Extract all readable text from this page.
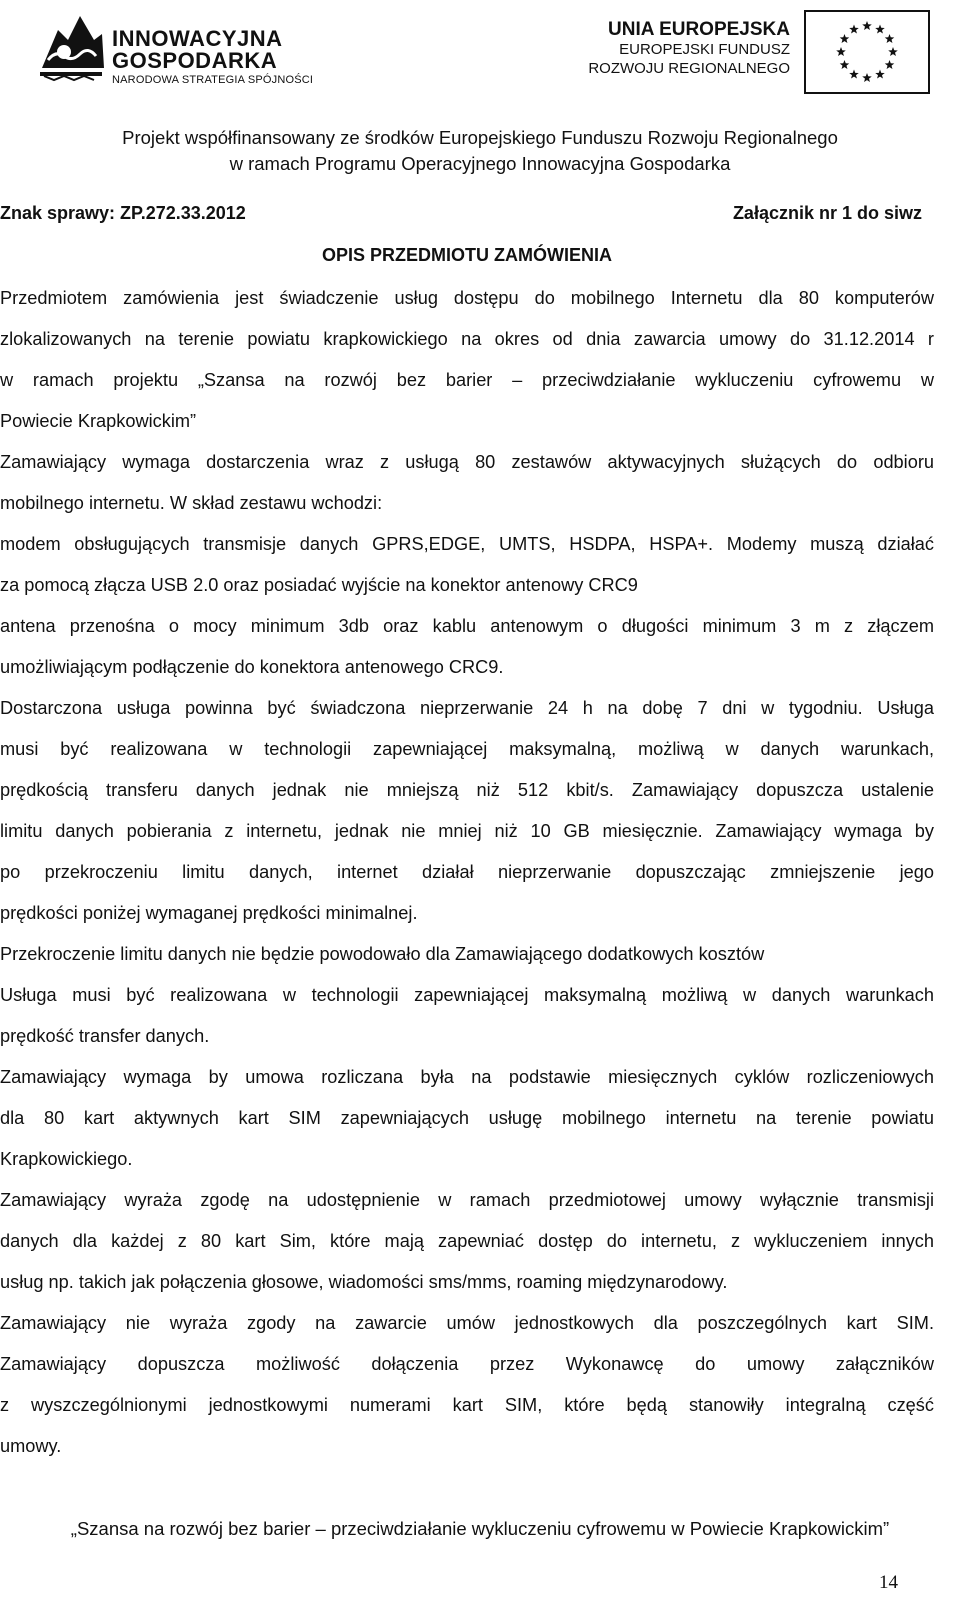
INNOWACYJNA
GOSPODARKA
NARODOWA STRATEGIA SPÓJNOŚCI
UNIA EUROPEJSKA
EUROPEJSKI FUNDUSZ
ROZWOJU REGIONALNEGO
Projekt współfinansowany ze środków Europejskiego Funduszu Rozwoju Regionalnego
w ramach Programu Operacyjnego Innowacyjna Gospodarka
Znak sprawy: ZP.272.33.2012	Załącznik nr 1 do siwz
OPIS PRZEDMIOTU ZAMÓWIENIA
Przedmiotem zamówienia jest świadczenie usług dostępu do mobilnego Internetu dla 80 komputerów
zlokalizowanych na terenie powiatu krapkowickiego na okres od dnia zawarcia umowy do 31.12.2014 r
w ramach projektu „Szansa na rozwój bez barier – przeciwdziałanie wykluczeniu cyfrowemu w
Powiecie Krapkowickim”
Zamawiający wymaga dostarczenia wraz z usługą 80 zestawów aktywacyjnych służących do odbioru
mobilnego internetu. W skład zestawu wchodzi:
modem obsługujących transmisje danych GPRS,EDGE, UMTS, HSDPA, HSPA+. Modemy muszą działać
za pomocą złącza USB 2.0 oraz posiadać wyjście na konektor antenowy CRC9
antena przenośna o mocy minimum 3db oraz kablu antenowym o długości minimum 3 m z złączem
umożliwiającym podłączenie do konektora antenowego CRC9.
Dostarczona usługa powinna być świadczona nieprzerwanie 24 h na dobę 7 dni w tygodniu. Usługa
musi być realizowana w technologii zapewniającej maksymalną, możliwą w danych warunkach,
prędkością transferu danych jednak nie mniejszą niż 512 kbit/s. Zamawiający dopuszcza ustalenie
limitu danych pobierania z internetu, jednak nie mniej niż 10 GB miesięcznie. Zamawiający wymaga by
po przekroczeniu limitu danych, internet działał nieprzerwanie dopuszczając zmniejszenie jego
prędkości poniżej wymaganej prędkości minimalnej.
Przekroczenie limitu danych nie będzie powodowało dla Zamawiającego dodatkowych kosztów
Usługa musi być realizowana w technologii zapewniającej maksymalną możliwą w danych warunkach
prędkość transfer danych.
Zamawiający wymaga by umowa rozliczana była na podstawie miesięcznych cyklów rozliczeniowych
dla 80 kart aktywnych kart SIM zapewniających usługę mobilnego internetu na terenie powiatu
Krapkowickiego.
Zamawiający wyraża zgodę na udostępnienie w ramach przedmiotowej umowy wyłącznie transmisji
danych dla każdej z 80 kart Sim, które mają zapewniać dostęp do internetu, z wykluczeniem innych
usług np. takich jak połączenia głosowe, wiadomości sms/mms, roaming międzynarodowy.
Zamawiający nie wyraża zgody na zawarcie umów jednostkowych dla poszczególnych kart SIM.
Zamawiający dopuszcza możliwość dołączenia przez Wykonawcę do umowy załączników
z wyszczególnionymi jednostkowymi numerami kart SIM, które będą stanowiły integralną część
umowy.
„Szansa na rozwój bez barier – przeciwdziałanie wykluczeniu cyfrowemu w Powiecie Krapkowickim”
14
